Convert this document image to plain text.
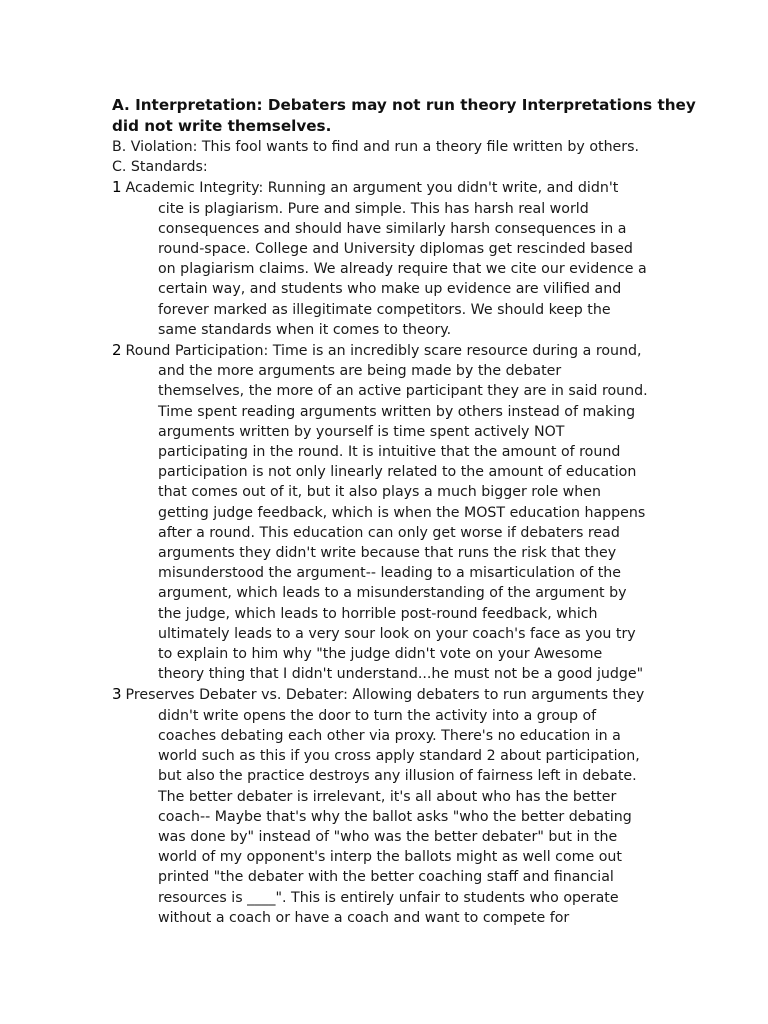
A. Interpretation: Debaters may not run theory Interpretations they
did not write themselves.
B. Violation: This fool wants to find and run a theory file written by others.
C. Standards:
1 Academic Integrity: Running an argument you didn't write, and didn't
cite is plagiarism. Pure and simple. This has harsh real world
consequences and should have similarly harsh consequences in a
round-space. College and University diplomas get rescinded based
on plagiarism claims. We already require that we cite our evidence a
certain way, and students who make up evidence are vilified and
forever marked as illegitimate competitors. We should keep the
same standards when it comes to theory.
2 Round Participation: Time is an incredibly scare resource during a round,
and the more arguments are being made by the debater
themselves, the more of an active participant they are in said round.
Time spent reading arguments written by others instead of making
arguments written by yourself is time spent actively NOT
participating in the round. It is intuitive that the amount of round
participation is not only linearly related to the amount of education
that comes out of it, but it also plays a much bigger role when
getting judge feedback, which is when the MOST education happens
after a round. This education can only get worse if debaters read
arguments they didn't write because that runs the risk that they
misunderstood the argument-- leading to a misarticulation of the
argument, which leads to a misunderstanding of the argument by
the judge, which leads to horrible post-round feedback, which
ultimately leads to a very sour look on your coach's face as you try
to explain to him why "the judge didn't vote on your Awesome
theory thing that I didn't understand...he must not be a good judge"
3 Preserves Debater vs. Debater: Allowing debaters to run arguments they
didn't write opens the door to turn the activity into a group of
coaches debating each other via proxy. There's no education in a
world such as this if you cross apply standard 2 about participation,
but also the practice destroys any illusion of fairness left in debate.
The better debater is irrelevant, it's all about who has the better
coach-- Maybe that's why the ballot asks "who the better debating
was done by" instead of "who was the better debater" but in the
world of my opponent's interp the ballots might as well come out
printed "the debater with the better coaching staff and financial
resources is ____". This is entirely unfair to students who operate
without a coach or have a coach and want to compete for
